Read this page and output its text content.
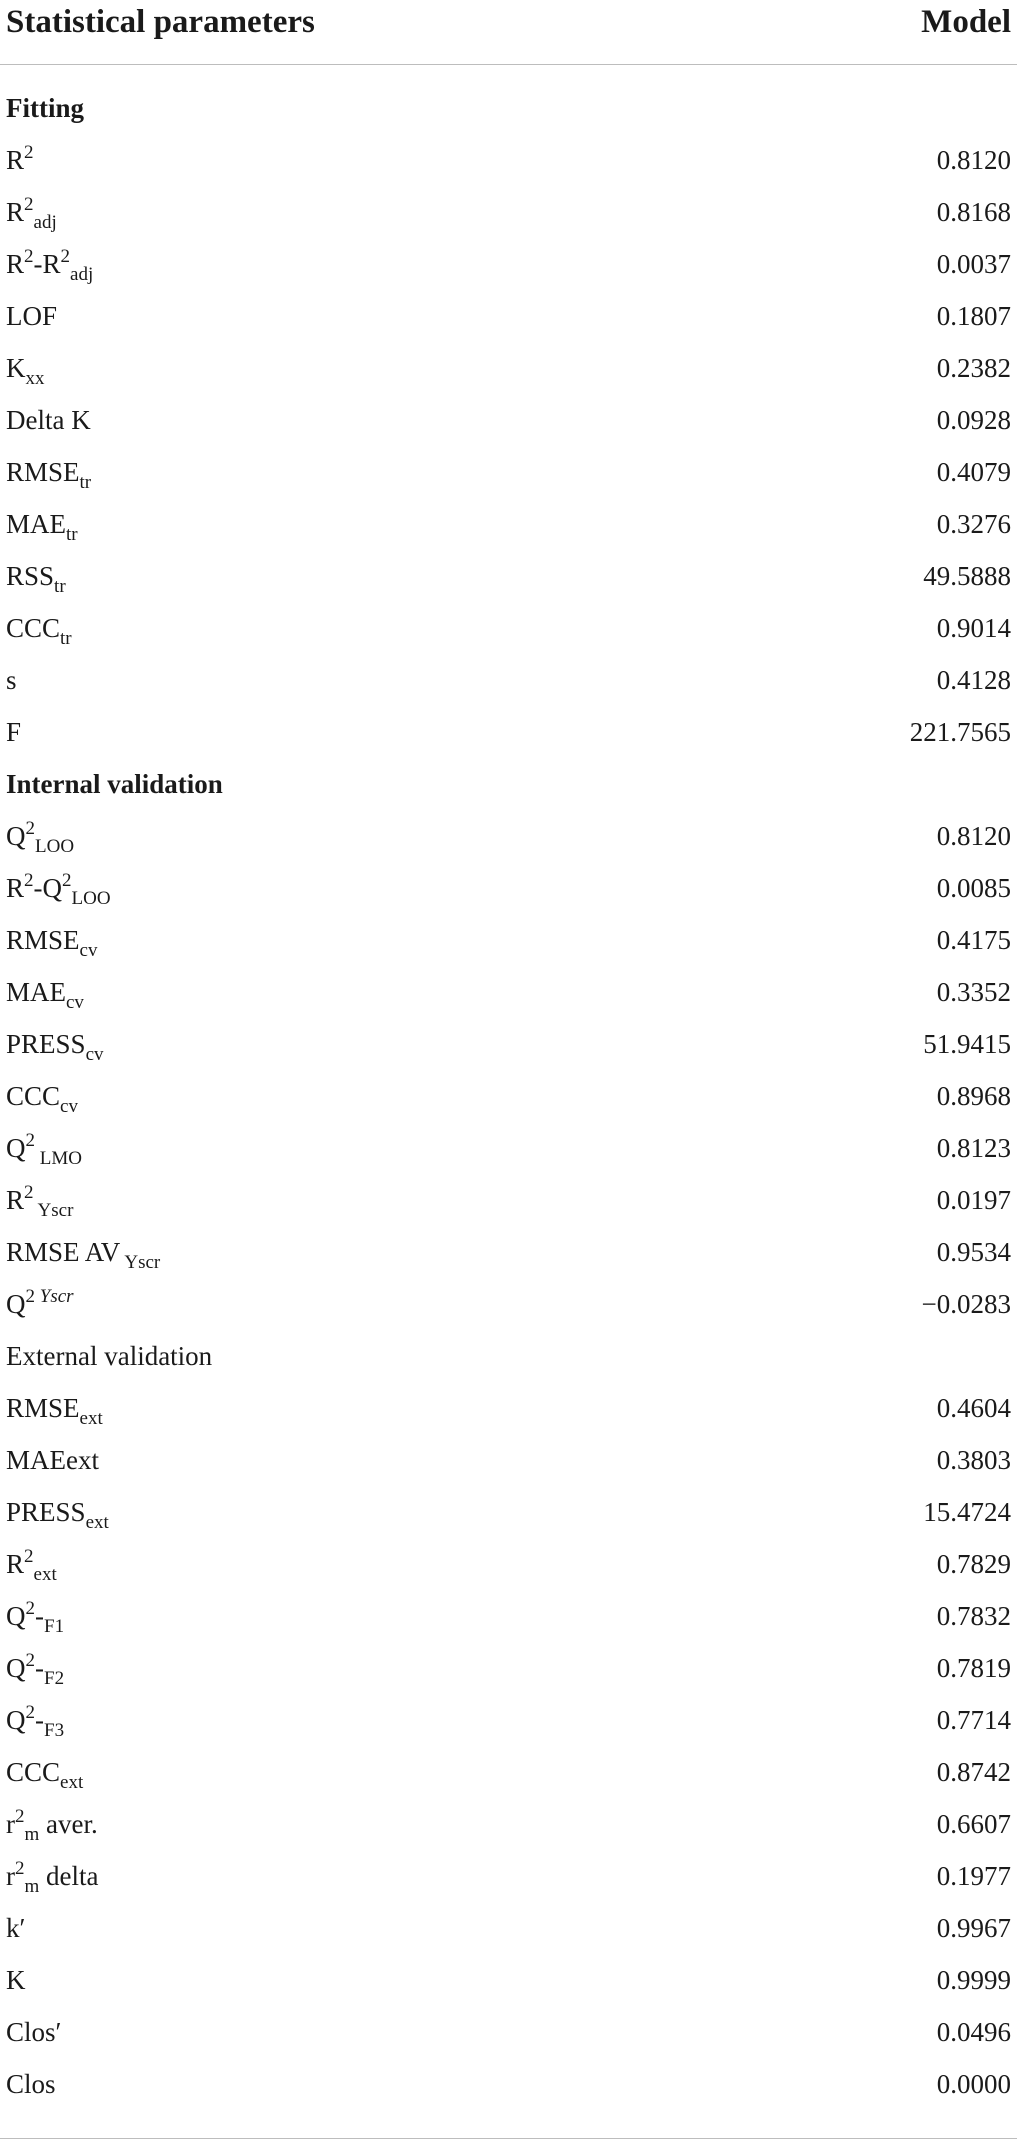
Statistical parameters	Model
Fitting
$R^2$	0.8120
$R^2_{adj}$	0.8168
$R^2-R^2_{adj}$	0.0037
LOF	0.1807
$K_{xx}$	0.2382
Delta K	0.0928
$RMSE_{tr}$	0.4079
$MAE_{tr}$	0.3276
$RSS_{tr}$	49.5888
$CCC_{tr}$	0.9014
s	0.4128
F	221.7565
Internal validation
$Q^2_{LOO}$	0.8120
$R^2-Q^2_{LOO}$	0.0085
$RMSE_{cv}$	0.4175
$MAE_{cv}$	0.3352
$PRESS_{cv}$	51.9415
$CCC_{cv}$	0.8968
$Q^2$ $_{LMO}$	0.8123
$R^2$ $_{Yscr}$	0.0197
RMSE AV $_{Yscr}$	0.9534
$Q^2$ $^{Yscr}$	−0.0283
External validation
$RMSE_{ext}$	0.4604
MAEext	0.3803
$PRESS_{ext}$	15.4724
$R^2_{ext}$	0.7829
$Q^2-_{F1}$	0.7832
$Q^2-_{F2}$	0.7819
$Q^2-_{F3}$	0.7714
$CCC_{ext}$	0.8742
$r^2_m$ aver.	0.6607
$r^2_m$ delta	0.1977
k′	0.9967
K	0.9999
Clos′	0.0496
Clos	0.0000
